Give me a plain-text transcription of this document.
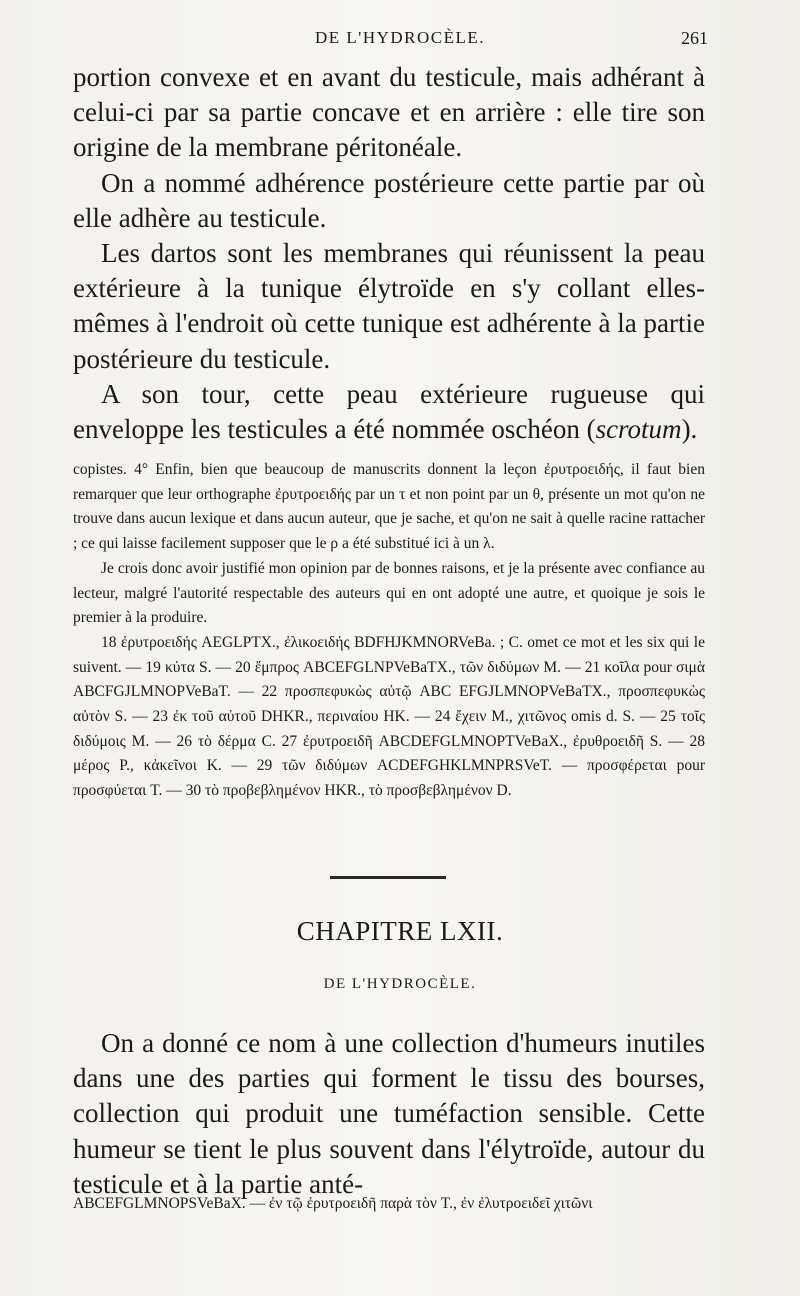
DE L'HYDROCÈLE.	261

portion convexe et en avant du testicule, mais adhérant à celui-ci par sa partie concave et en arrière : elle tire son origine de la membrane péritonéale.

On a nommé adhérence postérieure cette partie par où elle adhère au testicule.

Les dartos sont les membranes qui réunissent la peau extérieure à la tunique élytroïde en s'y collant elles-mêmes à l'endroit où cette tunique est adhérente à la partie postérieure du testicule.

A son tour, cette peau extérieure rugueuse qui enveloppe les testicules a été nommée oschéon (scrotum).

copistes. 4° Enfin, bien que beaucoup de manuscrits donnent la leçon ἐρυτροειδής, il faut bien remarquer que leur orthographe ἐρυτροειδής par un τ et non point par un θ, présente un mot qu'on ne trouve dans aucun lexique et dans aucun auteur, que je sache, et qu'on ne sait à quelle racine rattacher ; ce qui laisse facilement supposer que le ρ a été substitué ici à un λ.

Je crois donc avoir justifié mon opinion par de bonnes raisons, et je la présente avec confiance au lecteur, malgré l'autorité respectable des auteurs qui en ont adopté une autre, et quoique je sois le premier à la produire.

18 ἐρυτροειδής AEGLPTX., ἐλικοειδής BDFHJKMNORVeBa. ; C. omet ce mot et les six qui le suivent. — 19 κύτα S. — 20 ἔμπρος ABCEFGLNPVeBaTX., τῶν διδύμων M. — 21 κοῖλα pour σιμὰ ABCFGJLMNOPVeBaT. — 22 προσπεφυκὼς αὐτῷ ABC EFGJLMNOPVeBaTX., προσπεφυκὼς αὐτὸν S. — 23 ἐκ τοῦ αὐτοῦ DHKR., περιναίου HK. — 24 ἔχειν M., χιτῶνος omis d. S. — 25 τοῖς διδύμοις M. — 26 τὸ δέρμα C. 27 ἐρυτροειδῆ ABCDEFGLMNOPTVeBaX., ἐρυθροειδῆ S. — 28 μέρος P., κἀκεῖνοι K. — 29 τῶν διδύμων ACDEFGHKLMNPRSVeT. — προσφέρεται pour προσφύεται T. — 30 τὸ προβεβλημένον HKR., τὸ προσβεβλημένον D.

CHAPITRE LXII.
DE L'HYDROCÈLE.

On a donné ce nom à une collection d'humeurs inutiles dans une des parties qui forment le tissu des bourses, collection qui produit une tuméfaction sensible. Cette humeur se tient le plus souvent dans l'élytroïde, autour du testicule et à la partie anté-

ABCEFGLMNOPSVeBaX. — ἐν τῷ ἐρυτροειδῆ παρὰ τὸν T., ἐν ἐλυτροειδεῖ χιτῶνι
